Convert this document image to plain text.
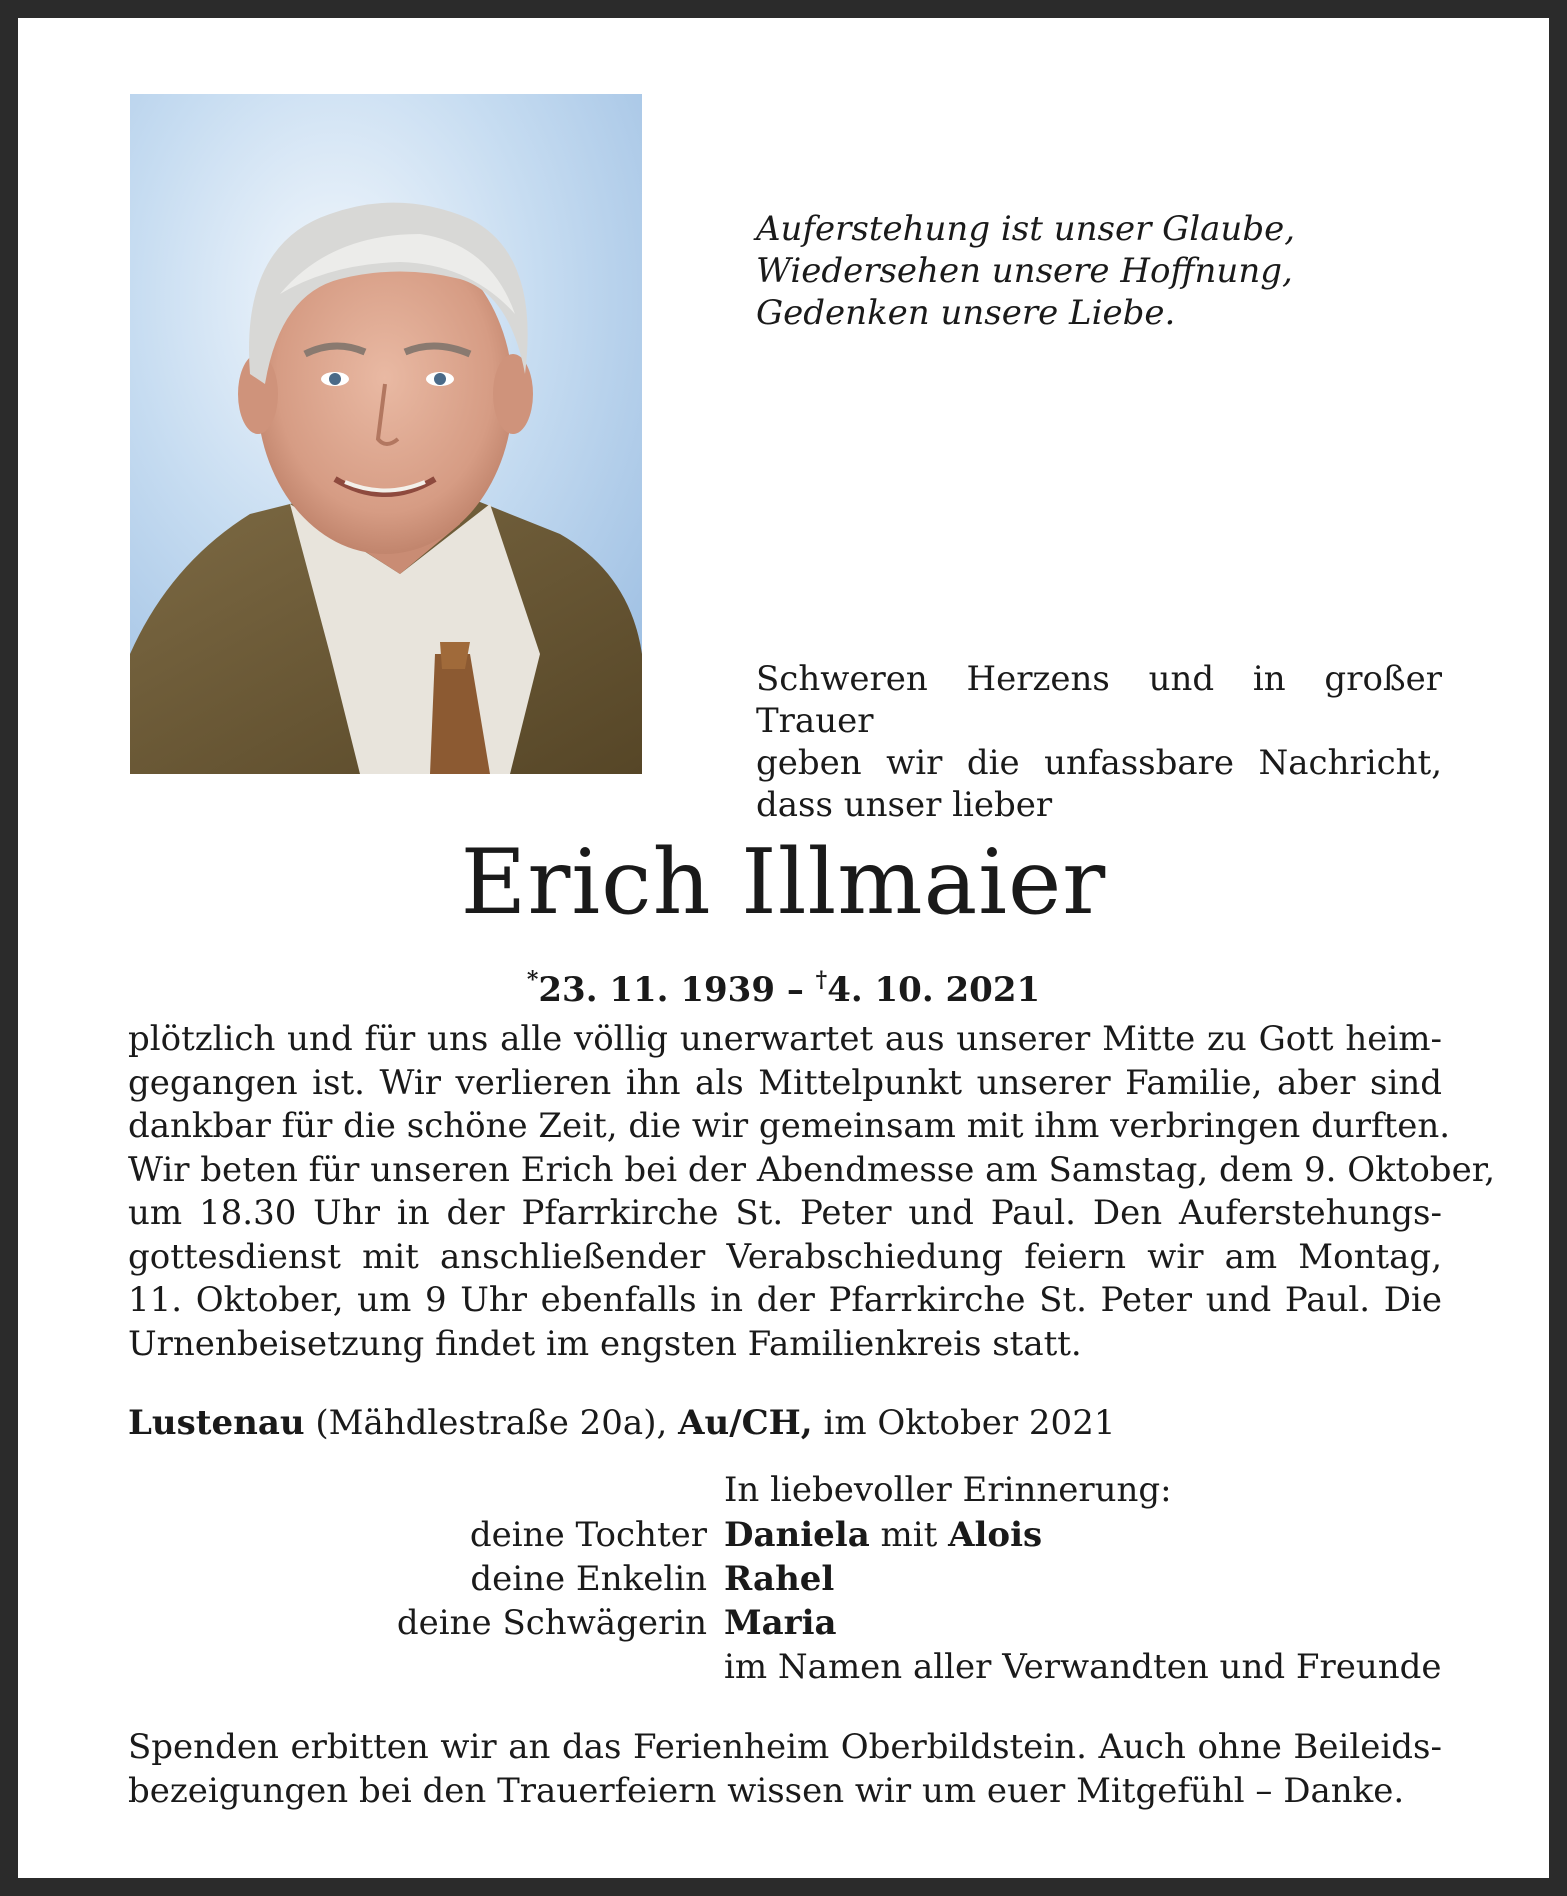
Auferstehung ist unser Glaube,
Wiedersehen unsere Hoffnung,
Gedenken unsere Liebe.
Schweren Herzens und in großer Trauer
geben wir die unfassbare Nachricht,
dass unser lieber
Erich Illmaier
*23. 11. 1939 – †4. 10. 2021
plötzlich und für uns alle völlig unerwartet aus unserer Mitte zu Gott heim-
gegangen ist. Wir verlieren ihn als Mittelpunkt unserer Familie, aber sind
dankbar für die schöne Zeit, die wir gemeinsam mit ihm verbringen durften.
Wir beten für unseren Erich bei der Abendmesse am Samstag, dem 9. Oktober,
um 18.30 Uhr in der Pfarrkirche St. Peter und Paul. Den Auferstehungs-
gottesdienst mit anschließender Verabschiedung feiern wir am Montag,
11. Oktober, um 9 Uhr ebenfalls in der Pfarrkirche St. Peter und Paul. Die
Urnenbeisetzung findet im engsten Familienkreis statt.
Lustenau (Mähdlestraße 20a), Au/CH, im Oktober 2021
In liebevoller Erinnerung:
deine Tochter Daniela mit Alois
deine Enkelin Rahel
deine Schwägerin Maria
im Namen aller Verwandten und Freunde
Spenden erbitten wir an das Ferienheim Oberbildstein. Auch ohne Beileids-
bezeigungen bei den Trauerfeiern wissen wir um euer Mitgefühl – Danke.
